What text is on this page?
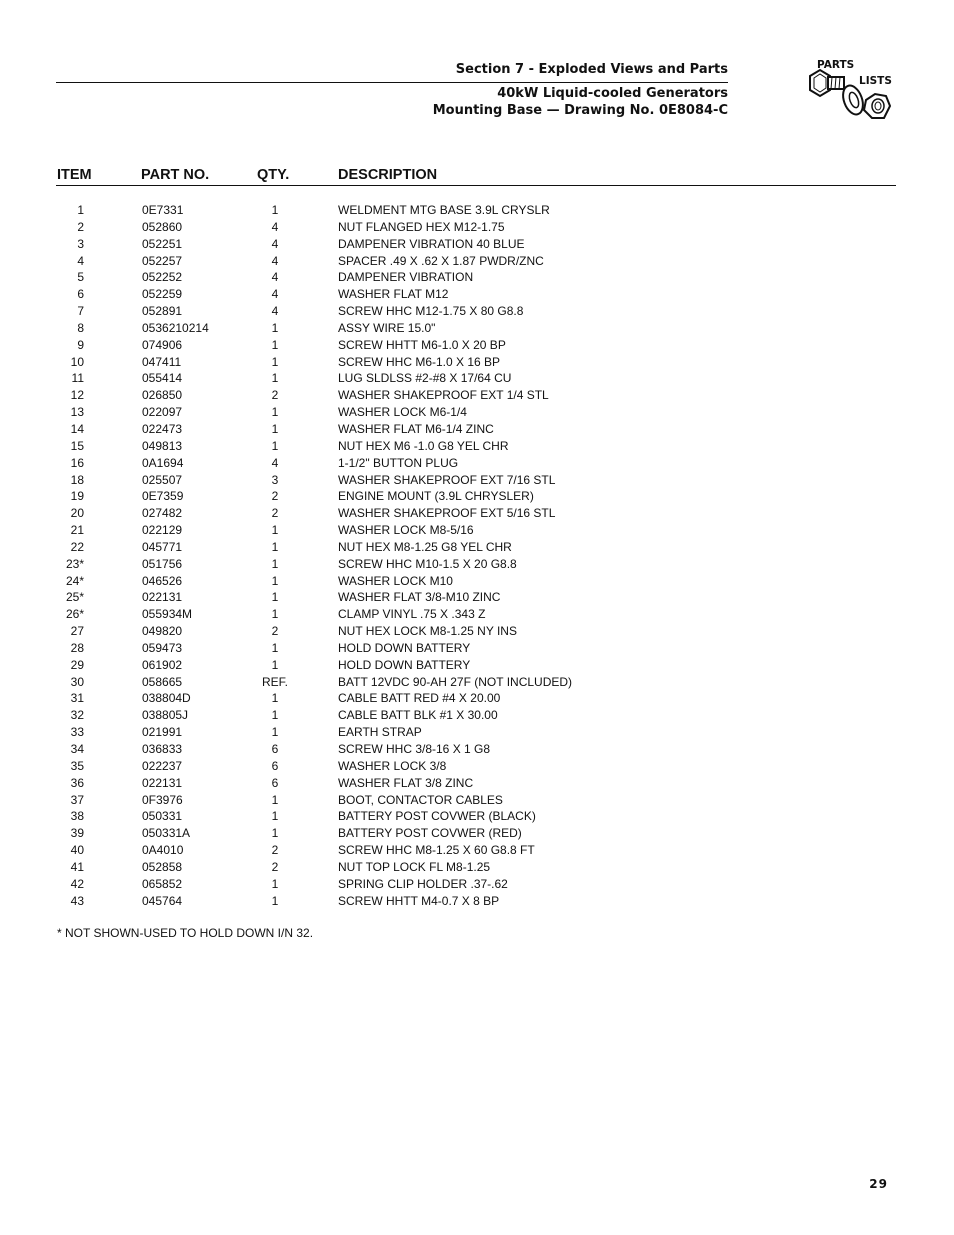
Section 7 - Exploded Views and Parts
40kW Liquid-cooled Generators
Mounting Base — Drawing No. 0E8084-C
PARTS
LISTS
ITEM	PART NO.	QTY.	DESCRIPTION
1	0E7331	1	WELDMENT MTG BASE 3.9L CRYSLR
2	052860	4	NUT FLANGED HEX M12-1.75
3	052251	4	DAMPENER VIBRATION 40 BLUE
4	052257	4	SPACER .49 X .62 X 1.87 PWDR/ZNC
5	052252	4	DAMPENER VIBRATION
6	052259	4	WASHER FLAT M12
7	052891	4	SCREW HHC M12-1.75 X 80 G8.8
8	0536210214	1	ASSY WIRE 15.0"
9	074906	1	SCREW HHTT M6-1.0 X 20 BP
10	047411	1	SCREW HHC M6-1.0 X 16 BP
11	055414	1	LUG SLDLSS #2-#8 X 17/64 CU
12	026850	2	WASHER SHAKEPROOF EXT 1/4 STL
13	022097	1	WASHER LOCK M6-1/4
14	022473	1	WASHER FLAT M6-1/4 ZINC
15	049813	1	NUT HEX M6 -1.0 G8 YEL CHR
16	0A1694	4	1-1/2" BUTTON PLUG
18	025507	3	WASHER SHAKEPROOF EXT 7/16 STL
19	0E7359	2	ENGINE MOUNT (3.9L CHRYSLER)
20	027482	2	WASHER SHAKEPROOF EXT 5/16 STL
21	022129	1	WASHER LOCK M8-5/16
22	045771	1	NUT HEX M8-1.25 G8 YEL CHR
23*	051756	1	SCREW HHC M10-1.5 X 20 G8.8
24*	046526	1	WASHER LOCK M10
25*	022131	1	WASHER FLAT 3/8-M10 ZINC
26*	055934M	1	CLAMP VINYL .75 X .343 Z
27	049820	2	NUT HEX LOCK M8-1.25 NY INS
28	059473	1	HOLD DOWN BATTERY
29	061902	1	HOLD DOWN BATTERY
30	058665	REF.	BATT 12VDC 90-AH 27F (NOT INCLUDED)
31	038804D	1	CABLE BATT RED #4 X 20.00
32	038805J	1	CABLE BATT BLK #1 X 30.00
33	021991	1	EARTH STRAP
34	036833	6	SCREW HHC 3/8-16 X 1 G8
35	022237	6	WASHER LOCK 3/8
36	022131	6	WASHER FLAT 3/8 ZINC
37	0F3976	1	BOOT, CONTACTOR CABLES
38	050331	1	BATTERY POST COVWER (BLACK)
39	050331A	1	BATTERY POST COVWER (RED)
40	0A4010	2	SCREW HHC M8-1.25 X 60 G8.8 FT
41	052858	2	NUT TOP LOCK FL M8-1.25
42	065852	1	SPRING CLIP HOLDER .37-.62
43	045764	1	SCREW HHTT M4-0.7 X 8 BP
* NOT SHOWN-USED TO HOLD DOWN I/N 32.
29
